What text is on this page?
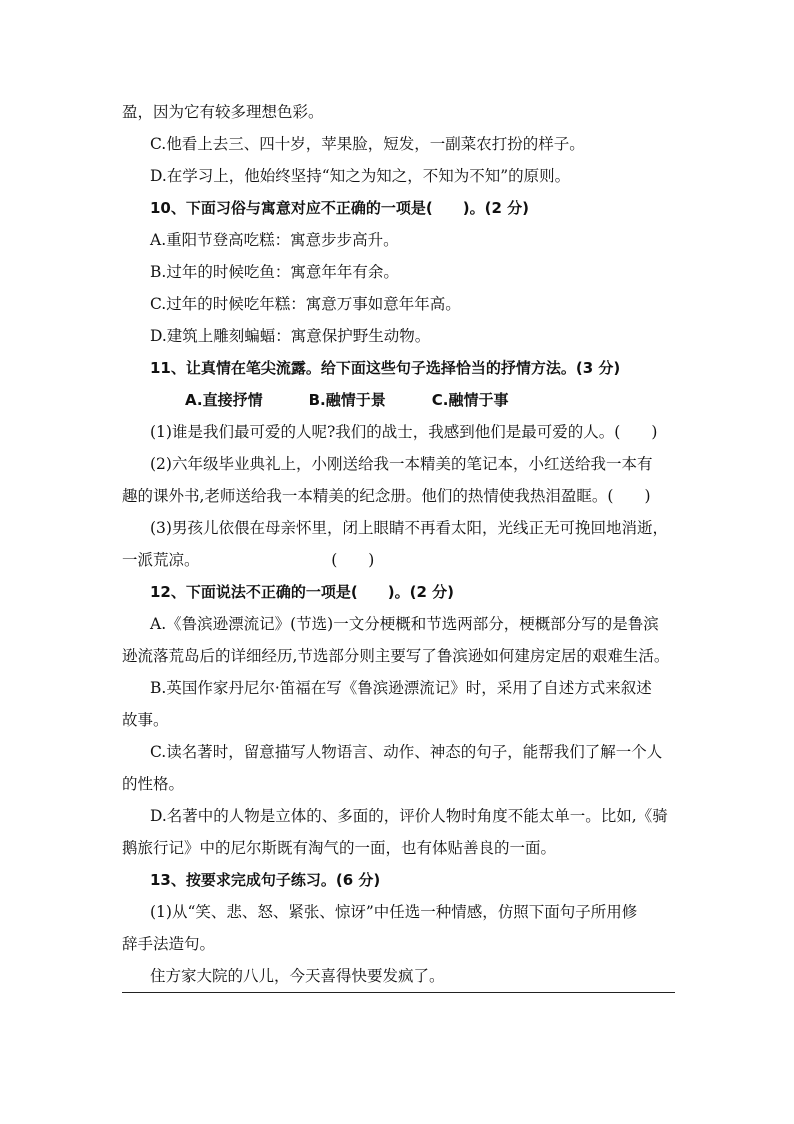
盈，因为它有较多理想色彩。
C.他看上去三、四十岁，苹果脸，短发，一副菜农打扮的样子。
D.在学习上，他始终坚持“知之为知之，不知为不知”的原则。
10、下面习俗与寓意对应不正确的一项是(　　)。(2 分)
A.重阳节登高吃糕：寓意步步高升。
B.过年的时候吃鱼：寓意年年有余。
C.过年的时候吃年糕：寓意万事如意年年高。
D.建筑上雕刻蝙蝠：寓意保护野生动物。
11、让真情在笔尖流露。给下面这些句子选择恰当的抒情方法。(3 分)
A.直接抒情	B.融情于景	C.融情于事
(1)谁是我们最可爱的人呢?我们的战士，我感到他们是最可爱的人。(　　)
(2)六年级毕业典礼上，小刚送给我一本精美的笔记本，小红送给我一本有
趣的课外书,老师送给我一本精美的纪念册。他们的热情使我热泪盈眶。(　　)
(3)男孩儿依偎在母亲怀里，闭上眼睛不再看太阳，光线正无可挽回地消逝，
一派荒凉。　　　　　　　　　(　　)
12、下面说法不正确的一项是(　　)。(2 分)
A.《鲁滨逊漂流记》(节选)一文分梗概和节选两部分，梗概部分写的是鲁滨
逊流落荒岛后的详细经历,节选部分则主要写了鲁滨逊如何建房定居的艰难生活。
B.英国作家丹尼尔·笛福在写《鲁滨逊漂流记》时，采用了自述方式来叙述
故事。
C.读名著时，留意描写人物语言、动作、神态的句子，能帮我们了解一个人
的性格。
D.名著中的人物是立体的、多面的，评价人物时角度不能太单一。比如,《骑
鹅旅行记》中的尼尔斯既有淘气的一面，也有体贴善良的一面。
13、按要求完成句子练习。(6 分)
(1)从“笑、悲、怒、紧张、惊讶”中任选一种情感，仿照下面句子所用修
辞手法造句。
住方家大院的八儿，今天喜得快要发疯了。
